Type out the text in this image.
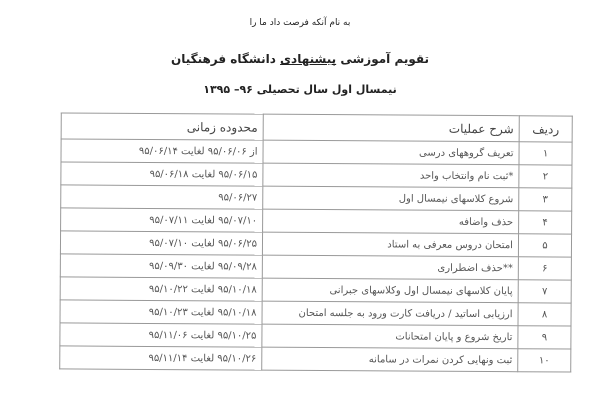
به نام آنکه فرصت داد ما را
تقویم آموزشی پیشنهادی دانشگاه فرهنگیان
نیمسال اول سال تحصیلی ۹۶– ۱۳۹۵
ردیف	شرح عملیات	محدوده زمانی
۱	تعریف گروههای درسی	از ۹۵/۰۶/۰۶ لغایت ۹۵/۰۶/۱۴
۲	*ثبت نام وانتخاب واحد	۹۵/۰۶/۱۵ لغایت ۹۵/۰۶/۱۸
۳	شروع کلاسهای نیمسال اول	۹۵/۰۶/۲۷
۴	حذف واضافه	۹۵/۰۷/۱۰ لغایت ۹۵/۰۷/۱۱
۵	امتحان دروس معرفی به استاد	۹۵/۰۶/۲۵ لغایت ۹۵/۰۷/۱۰
۶	**حذف اضطراری	۹۵/۰۹/۲۸ لغایت ۹۵/۰۹/۳۰
۷	پایان کلاسهای نیمسال اول وکلاسهای جبرانی	۹۵/۱۰/۱۸ لغایت ۹۵/۱۰/۲۲
۸	ارزیابی اساتید / دریافت کارت ورود به جلسه امتحان	۹۵/۱۰/۱۸ لغایت ۹۵/۱۰/۲۳
۹	تاریخ شروع و پایان امتحانات	۹۵/۱۰/۲۵ لغایت ۹۵/۱۱/۰۶
۱۰	ثبت ونهایی کردن نمرات در سامانه	۹۵/۱۰/۲۶ لغایت ۹۵/۱۱/۱۴
